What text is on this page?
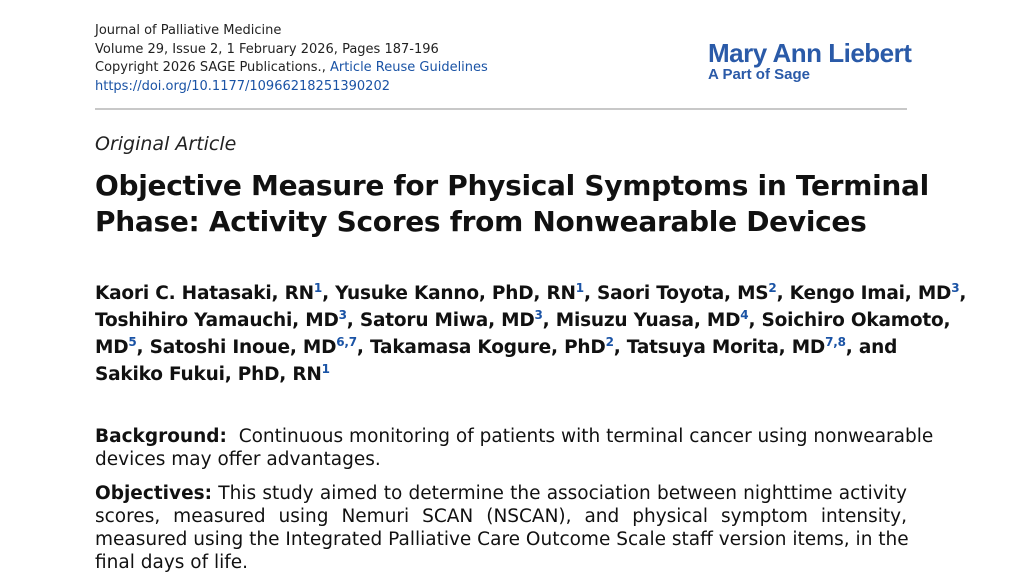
Journal of Palliative Medicine
Volume 29, Issue 2, 1 February 2026, Pages 187-196
Copyright 2026 SAGE Publications., Article Reuse Guidelines
https://doi.org/10.1177/10966218251390202
Mary Ann Liebert
A Part of Sage
Original Article
Objective Measure for Physical Symptoms in Terminal
Phase: Activity Scores from Nonwearable Devices
Kaori C. Hatasaki, $RN^1$, Yusuke Kanno, PhD, $RN^1$, Saori Toyota, $MS^2$, Kengo Imai, $MD^3$,
Toshihiro Yamauchi, $MD^3$, Satoru Miwa, $MD^3$, Misuzu Yuasa, $MD^4$, Soichiro Okamoto,
$MD^5$, Satoshi Inoue, MD$^{6,7}$, Takamasa Kogure, PhD$^2$, Tatsuya Morita, MD$^{7,8}$, and
Sakiko Fukui, PhD, $RN^1$
Background: Continuous monitoring of patients with terminal cancer using nonwearable
devices may offer advantages.
Objectives: This study aimed to determine the association between nighttime activity
scores, measured using Nemuri SCAN (NSCAN), and physical symptom intensity,
measured using the Integrated Palliative Care Outcome Scale staff version items, in the
final days of life.
